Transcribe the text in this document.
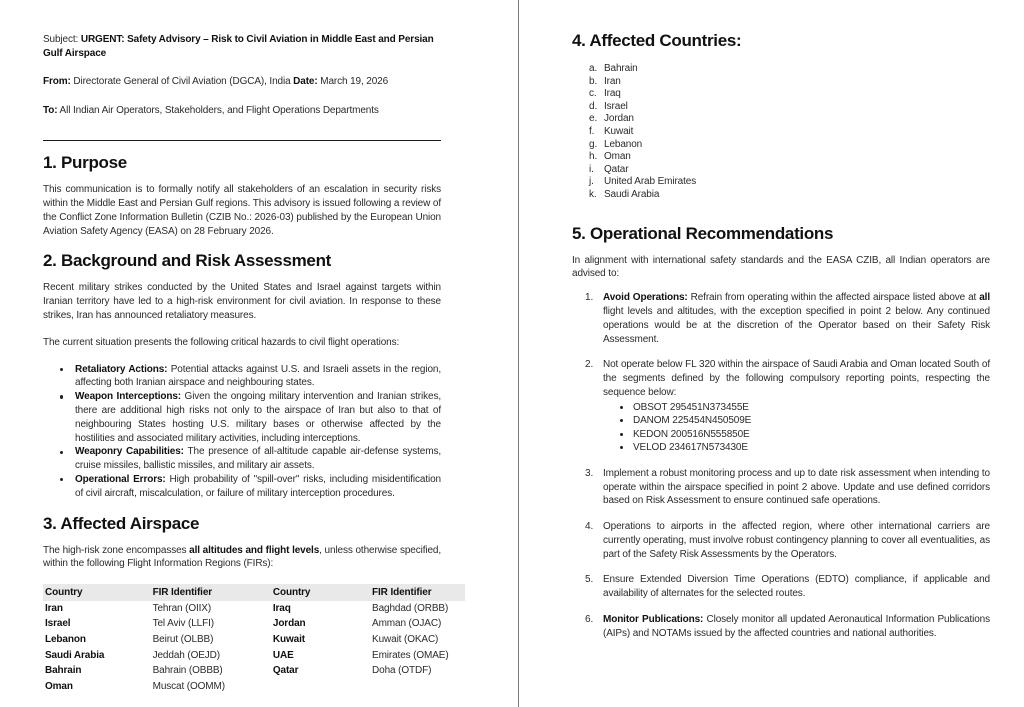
Subject: URGENT: Safety Advisory – Risk to Civil Aviation in Middle East and Persian Gulf Airspace
From: Directorate General of Civil Aviation (DGCA), India Date: March 19, 2026
To: All Indian Air Operators, Stakeholders, and Flight Operations Departments
1. Purpose

This communication is to formally notify all stakeholders of an escalation in security risks within the Middle East and Persian Gulf regions. This advisory is issued following a review of the Conflict Zone Information Bulletin (CZIB No.: 2026-03) published by the European Union Aviation Safety Agency (EASA) on 28 February 2026.

2. Background and Risk Assessment

Recent military strikes conducted by the United States and Israel against targets within Iranian territory have led to a high-risk environment for civil aviation. In response to these strikes, Iran has announced retaliatory measures.

The current situation presents the following critical hazards to civil flight operations:

Retaliatory Actions: Potential attacks against U.S. and Israeli assets in the region, affecting both Iranian airspace and neighbouring states.
Weapon Interceptions: Given the ongoing military intervention and Iranian strikes, there are additional high risks not only to the airspace of Iran but also to that of neighbouring States hosting U.S. military bases or otherwise affected by the hostilities and associated military activities, including interceptions.
Weaponry Capabilities: The presence of all-altitude capable air-defense systems, cruise missiles, ballistic missiles, and military air assets.
Operational Errors: High probability of "spill-over" risks, including misidentification of civil aircraft, miscalculation, or failure of military interception procedures.
3. Affected Airspace

The high-risk zone encompasses all altitudes and flight levels, unless otherwise specified, within the following Flight Information Regions (FIRs):

Country	FIR Identifier	Country	FIR Identifier
Iran	Tehran (OIIX)	Iraq	Baghdad (ORBB)
Israel	Tel Aviv (LLFI)	Jordan	Amman (OJAC)
Lebanon	Beirut (OLBB)	Kuwait	Kuwait (OKAC)
Saudi Arabia	Jeddah (OEJD)	UAE	Emirates (OMAE)
Bahrain	Bahrain (OBBB)	Qatar	Doha (OTDF)
Oman	Muscat (OOMM)		
4. Affected Countries:
a. Bahrain
b. Iran
c. Iraq
d. Israel
e. Jordan
f. Kuwait
g. Lebanon
h. Oman
i.	Qatar
j.	United Arab Emirates
k. Saudi Arabia
5. Operational Recommendations

In alignment with international safety standards and the EASA CZIB, all Indian operators are advised to:

1. Avoid Operations: Refrain from operating within the affected airspace listed above at all flight levels and altitudes, with the exception specified in point 2 below. Any continued operations would be at the discretion of the Operator based on their Safety Risk Assessment.
2. Not operate below FL 320 within the airspace of Saudi Arabia and Oman located South of the segments defined by the following compulsory reporting points, respecting the sequence below:
OBSOT 295451N373455E
DANOM 225454N450509E
KEDON 200516N555850E
VELOD 234617N573430E
3. Implement a robust monitoring process and up to date risk assessment when intending to operate within the airspace specified in point 2 above. Update and use defined corridors based on Risk Assessment to ensure continued safe operations.
4. Operations to airports in the affected region, where other international carriers are currently operating, must involve robust contingency planning to cover all eventualities, as part of the Safety Risk Assessments by the Operators.
5. Ensure Extended Diversion Time Operations (EDTO) compliance, if applicable and availability of alternates for the selected routes.
6. Monitor Publications: Closely monitor all updated Aeronautical Information Publications (AIPs) and NOTAMs issued by the affected countries and national authorities.
